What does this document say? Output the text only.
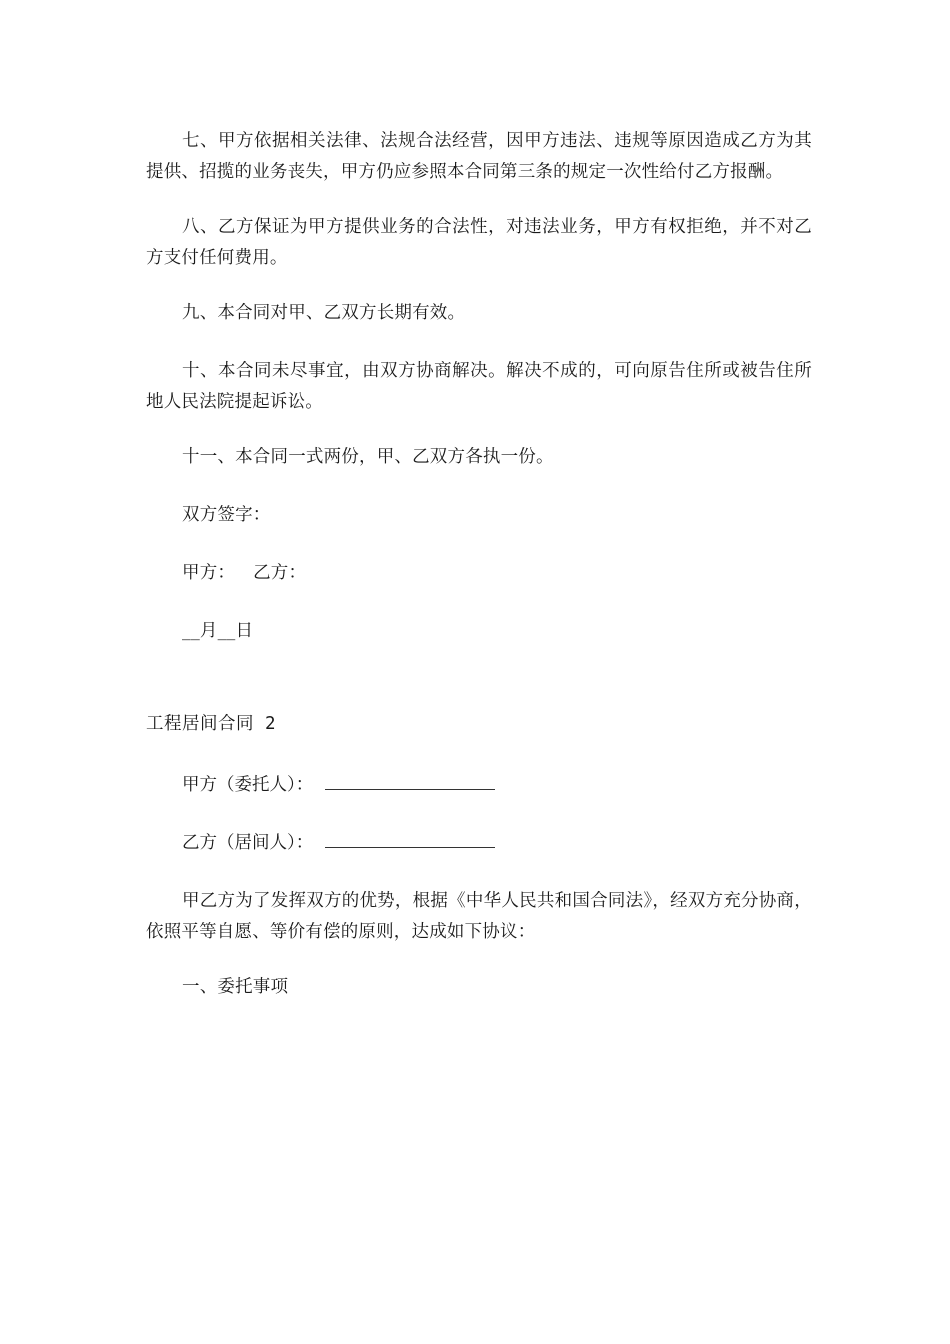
七、甲方依据相关法律、法规合法经营，因甲方违法、违规等原因造成乙方为其提供、招揽的业务丧失，甲方仍应参照本合同第三条的规定一次性给付乙方报酬。

八、乙方保证为甲方提供业务的合法性，对违法业务，甲方有权拒绝，并不对乙方支付任何费用。

九、本合同对甲、乙双方长期有效。

十、本合同未尽事宜，由双方协商解决。解决不成的，可向原告住所或被告住所地人民法院提起诉讼。

十一、本合同一式两份，甲、乙双方各执一份。

双方签字：

甲方： 乙方：

__月__日

工程居间合同 2
甲方（委托人）：
乙方（居间人）：

甲乙方为了发挥双方的优势，根据《中华人民共和国合同法》，经双方充分协商，依照平等自愿、等价有偿的原则，达成如下协议：

一、委托事项
